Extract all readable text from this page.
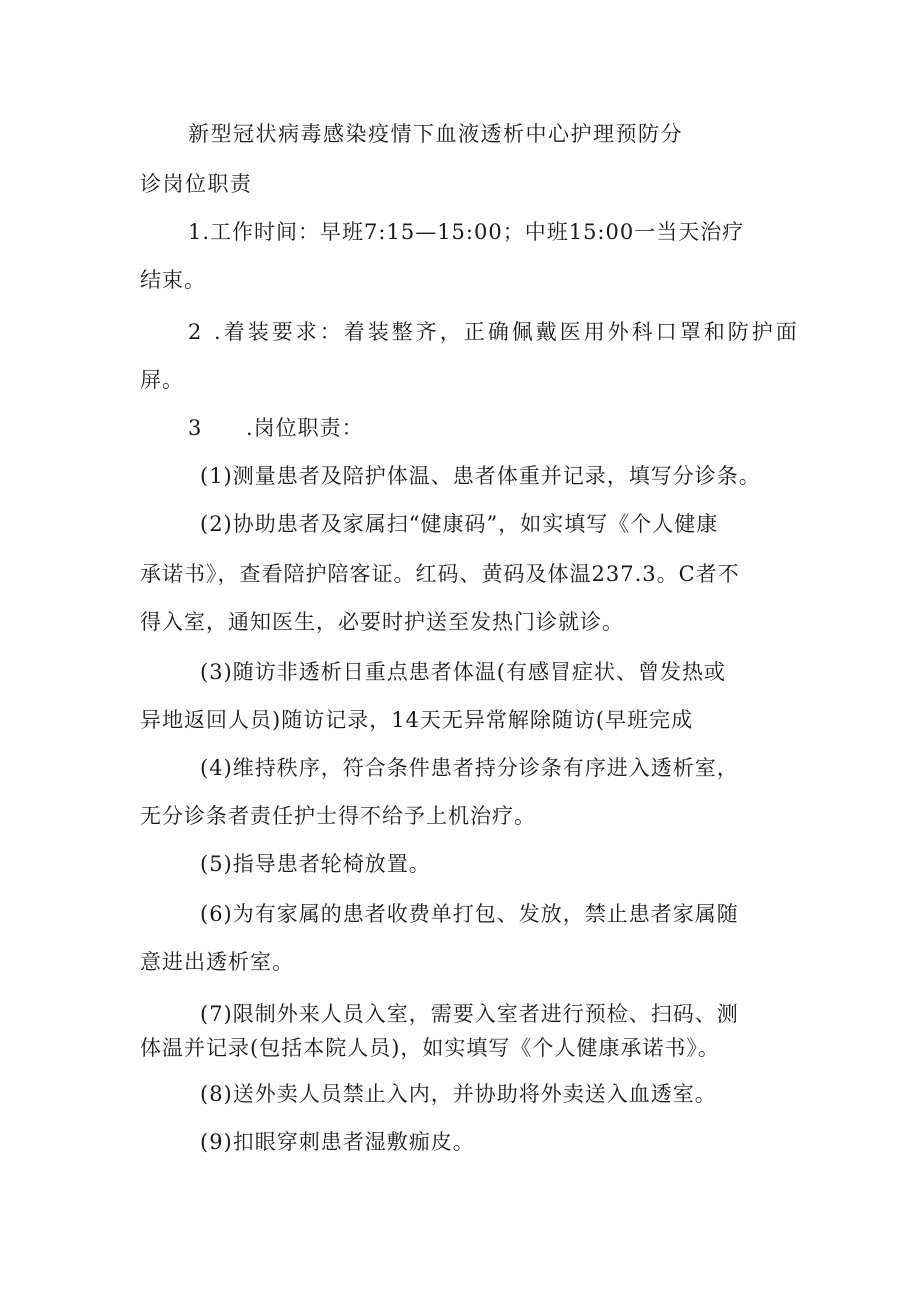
新型冠状病毒感染疫情下血液透析中心护理预防分
诊岗位职责
1.工作时间：早班7:15—15:00；中班15:00一当天治疗
结束。
2 .着装要求：着装整齐，正确佩戴医用外科口罩和防护面
屏。
3 .岗位职责：
(1)测量患者及陪护体温、患者体重并记录，填写分诊条。
(2)协助患者及家属扫“健康码”，如实填写《个人健康
承诺书》，查看陪护陪客证。红码、黄码及体温237.3。C者不
得入室，通知医生，必要时护送至发热门诊就诊。
(3)随访非透析日重点患者体温(有感冒症状、曾发热或
异地返回人员)随访记录，14天无异常解除随访(早班完成
(4)维持秩序，符合条件患者持分诊条有序进入透析室，
无分诊条者责任护士得不给予上机治疗。
(5)指导患者轮椅放置。
(6)为有家属的患者收费单打包、发放，禁止患者家属随
意进出透析室。
(7)限制外来人员入室，需要入室者进行预检、扫码、测
体温并记录(包括本院人员)，如实填写《个人健康承诺书》。
(8)送外卖人员禁止入内，并协助将外卖送入血透室。
(9)扣眼穿刺患者湿敷痂皮。
